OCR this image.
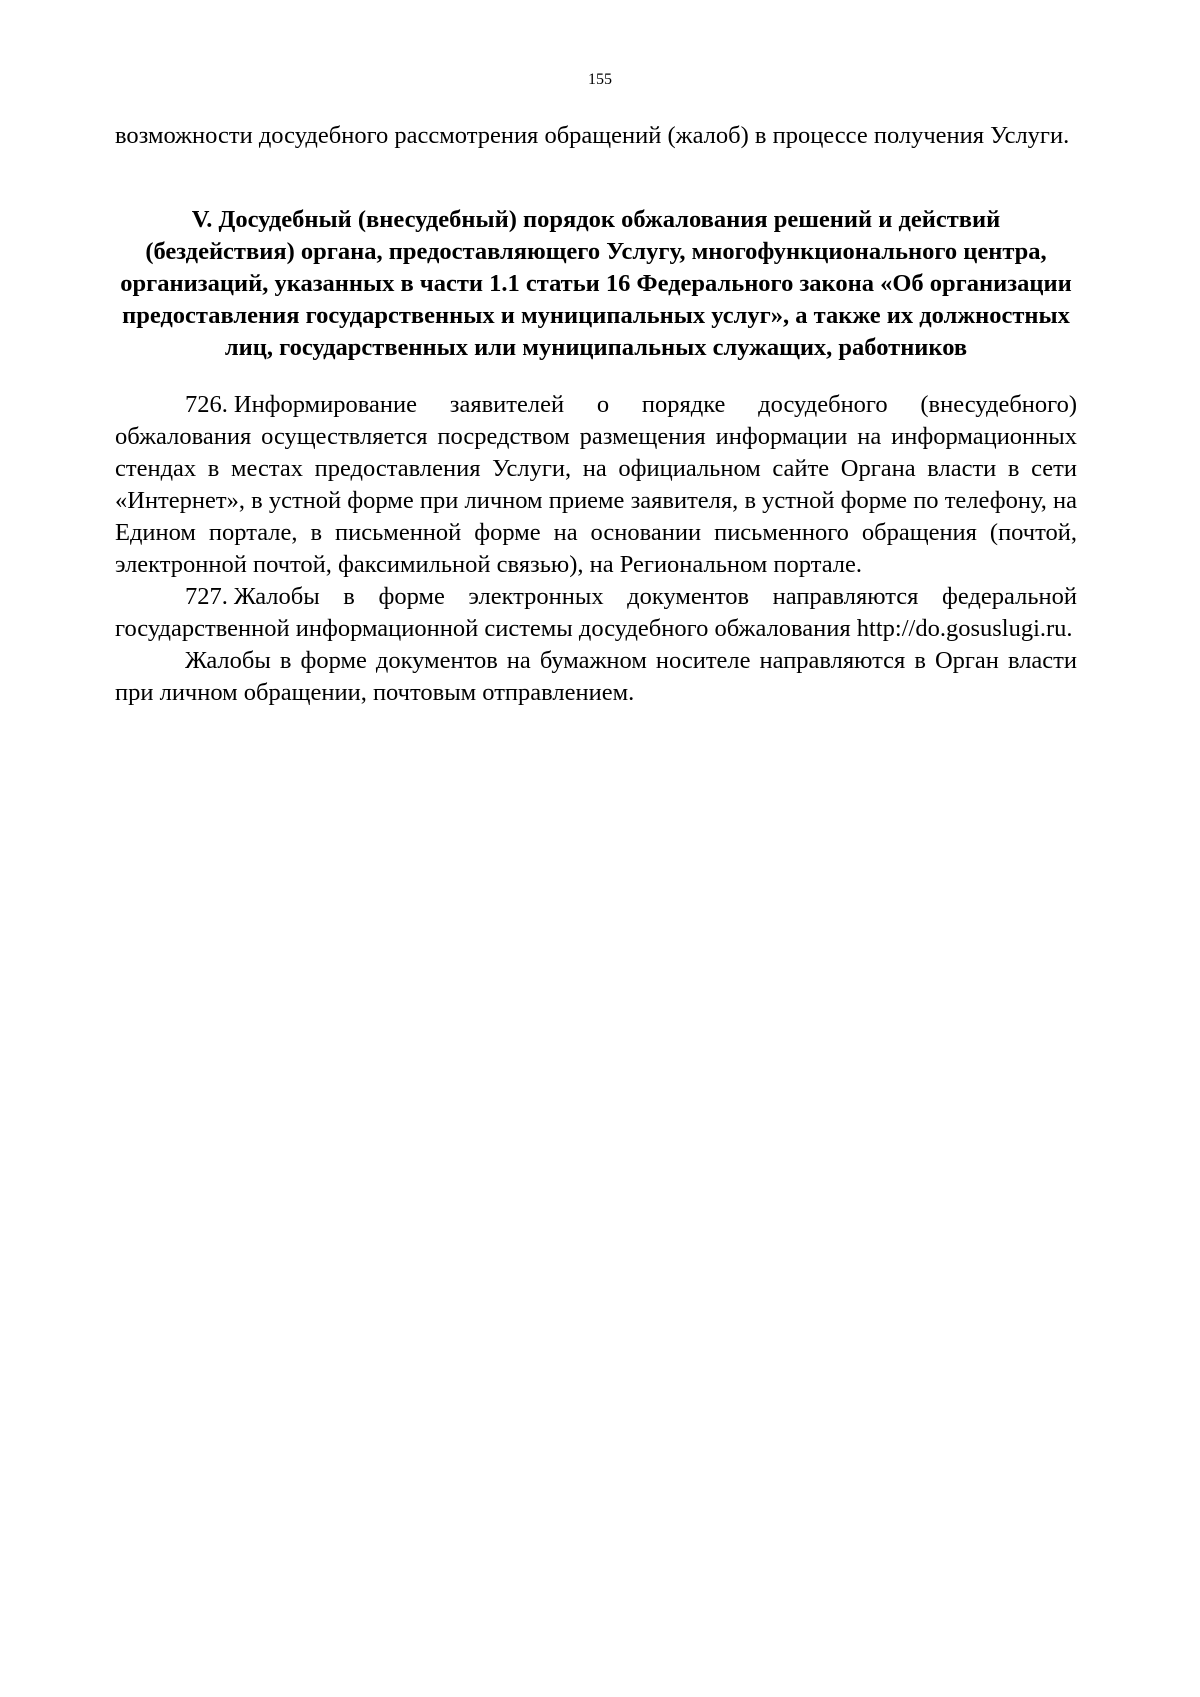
155

возможности досудебного рассмотрения обращений (жалоб) в процессе получения Услуги.

V. Досудебный (внесудебный) порядок обжалования решений и действий (бездействия) органа, предоставляющего Услугу, многофункционального центра, организаций, указанных в части 1.1 статьи 16 Федерального закона «Об организации предоставления государственных и муниципальных услуг», а также их должностных лиц, государственных или муниципальных служащих, работников

726. Информирование заявителей о порядке досудебного (внесудебного) обжалования осуществляется посредством размещения информации на информационных стендах в местах предоставления Услуги, на официальном сайте Органа власти в сети «Интернет», в устной форме при личном приеме заявителя, в устной форме по телефону, на Едином портале, в письменной форме на основании письменного обращения (почтой, электронной почтой, факсимильной связью), на Региональном портале.

727. Жалобы в форме электронных документов направляются федеральной государственной информационной системы досудебного обжалования http://do.gosuslugi.ru.

Жалобы в форме документов на бумажном носителе направляются в Орган власти при личном обращении, почтовым отправлением.
